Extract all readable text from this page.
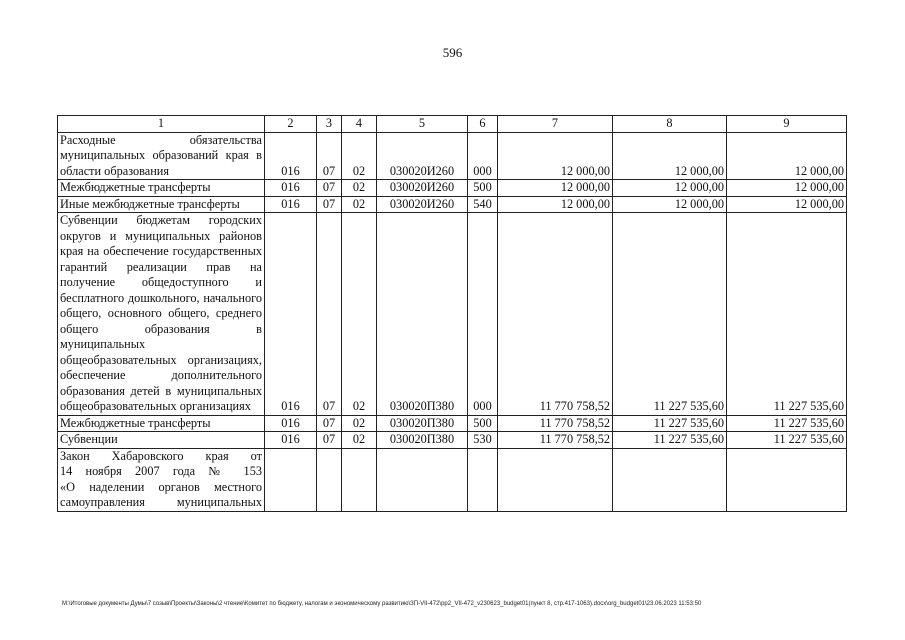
596
1	2	3	4	5	6	7	8	9
Расходные обязательства муниципальных образований края в области образования	016	07	02	030020И260	000	12 000,00	12 000,00	12 000,00
Межбюджетные трансферты	016	07	02	030020И260	500	12 000,00	12 000,00	12 000,00
Иные межбюджетные трансферты	016	07	02	030020И260	540	12 000,00	12 000,00	12 000,00
Субвенции бюджетам городских округов и муниципальных районов края на обеспечение государственных гарантий реализации прав на получение общедоступного и бесплатного дошкольного, начального общего, основного общего, среднего общего образования в муниципальных общеобразовательных организациях, обеспечение дополнительного образования детей в муниципальных общеобразовательных организациях	016	07	02	030020П380	000	11 770 758,52	11 227 535,60	11 227 535,60
Межбюджетные трансферты	016	07	02	030020П380	500	11 770 758,52	11 227 535,60	11 227 535,60
Субвенции	016	07	02	030020П380	530	11 770 758,52	11 227 535,60	11 227 535,60

Закон Хабаровского края от
14 ноября 2007 года № 153
«О наделении органов местного
самоуправления муниципальных								

M:\Итоговые документы Думы\7 созыв\Проекты\Законы\2 чтение\Комитет по бюджету, налогам и экономическому развитию\ЗП-VII-472\pp2_VII-472_v230623_budget01(пункт 8, стр.417-1063).docx\org_budget01\23.06.2023 11:53:50
